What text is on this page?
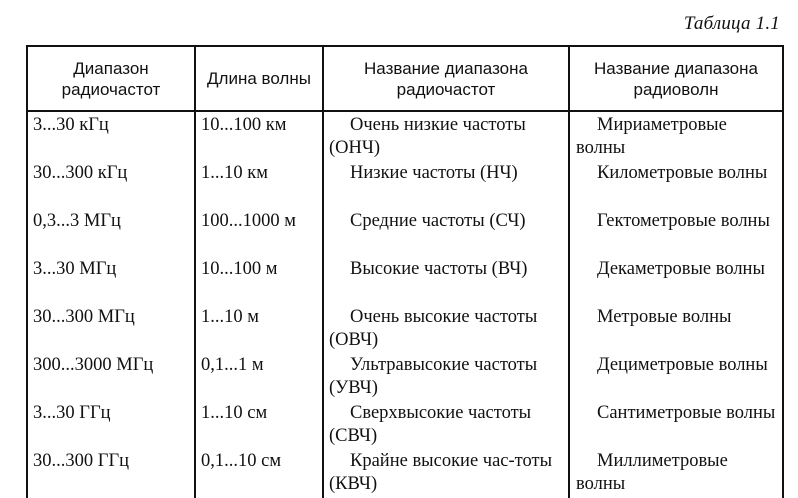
Таблица 1.1
Диапазон радиочастот	Длина волны	Название диапазона радиочастот	Название диапазона радиоволн
3...30 кГц	10...100 км	Очень низкие частоты (ОНЧ)	Мириаметровые волны
30...300 кГц	1...10 км	Низкие частоты (НЧ)	Километровые волны
0,3...3 МГц	100...1000 м	Средние частоты (СЧ)	Гектометровые волны
3...30 МГц	10...100 м	Высокие частоты (ВЧ)	Декаметровые волны
30...300 МГц	1...10 м	Очень высокие частоты (ОВЧ)	Метровые волны
300...3000 МГц	0,1...1 м	Ультравысокие частоты (УВЧ)	Дециметровые волны
3...30 ГГц	1...10 см	Сверхвысокие частоты (СВЧ)	Сантиметровые волны
30...300 ГГц	0,1...10 см	Крайне высокие час-тоты (КВЧ)	Миллиметровые волны
